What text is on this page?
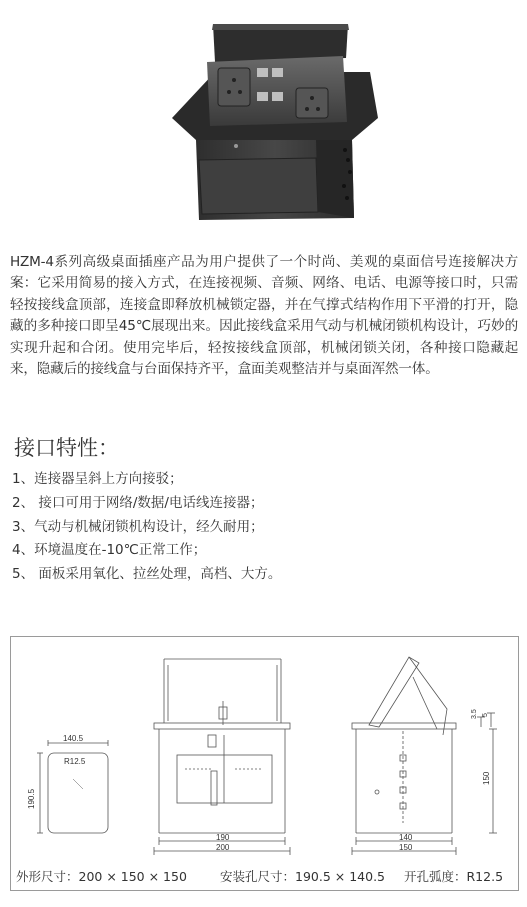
HZM-4系列高级桌面插座产品为用户提供了一个时尚、美观的桌面信号连接解决方案：它采用简易的接入方式，在连接视频、音频、网络、电话、电源等接口时，只需轻按接线盒顶部，连接盒即释放机械锁定器，并在气撑式结构作用下平滑的打开，隐藏的多种接口即呈45℃展现出来。因此接线盒采用气动与机械闭锁机构设计，巧妙的实现升起和合闭。使用完毕后，轻按接线盒顶部，机械闭锁关闭，各种接口隐藏起来，隐藏后的接线盒与台面保持齐平，盒面美观整洁并与桌面浑然一体。

接口特性：
1、连接器呈斜上方向接驳；
2、 接口可用于网络/数据/电话线连接器；
3、气动与机械闭锁机构设计，经久耐用；
4、环境温度在-10℃正常工作；
5、 面板采用氧化、拉丝处理，高档、大方。
140.5
R12.5
190.5
190
200
140
150
150
3.5 5
外形尺寸：200 × 150 × 150	安装孔尺寸：190.5 × 140.5 开孔弧度：R12.5
